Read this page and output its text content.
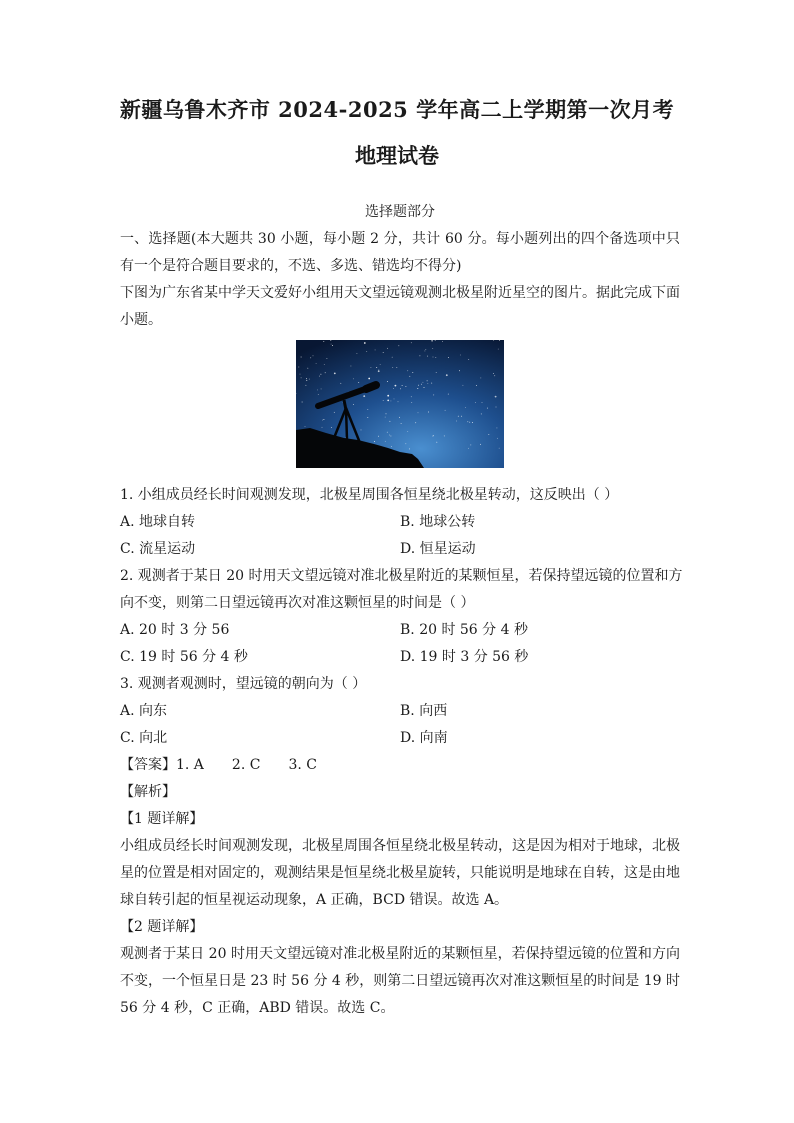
新疆乌鲁木齐市 2024-2025 学年高二上学期第一次月考
地理试卷
选择题部分
一、选择题(本大题共 30 小题，每小题 2 分，共计 60 分。每小题列出的四个备选项中只有一个是符合题目要求的，不选、多选、错选均不得分)
下图为广东省某中学天文爱好小组用天文望远镜观测北极星附近星空的图片。据此完成下面小题。
1. 小组成员经长时间观测发现，北极星周围各恒星绕北极星转动，这反映出（ ）
A. 地球自转	B. 地球公转
C. 流星运动	D. 恒星运动
2. 观测者于某日 20 时用天文望远镜对准北极星附近的某颗恒星，若保持望远镜的位置和方
向不变，则第二日望远镜再次对准这颗恒星的时间是（ ）
A. 20 时 3 分 56	B. 20 时 56 分 4 秒
C. 19 时 56 分 4 秒	D. 19 时 3 分 56 秒
3. 观测者观测时，望远镜的朝向为（ ）
A. 向东	B. 向西
C. 向北	D. 向南
【答案】1. A 2. C 3. C
【解析】
【1 题详解】
小组成员经长时间观测发现，北极星周围各恒星绕北极星转动，这是因为相对于地球，北极星的位置是相对固定的，观测结果是恒星绕北极星旋转，只能说明是地球在自转，这是由地球自转引起的恒星视运动现象，A 正确，BCD 错误。故选 A。
【2 题详解】
观测者于某日 20 时用天文望远镜对准北极星附近的某颗恒星，若保持望远镜的位置和方向不变，一个恒星日是 23 时 56 分 4 秒，则第二日望远镜再次对准这颗恒星的时间是 19 时 56 分 4 秒，C 正确，ABD 错误。故选 C。
